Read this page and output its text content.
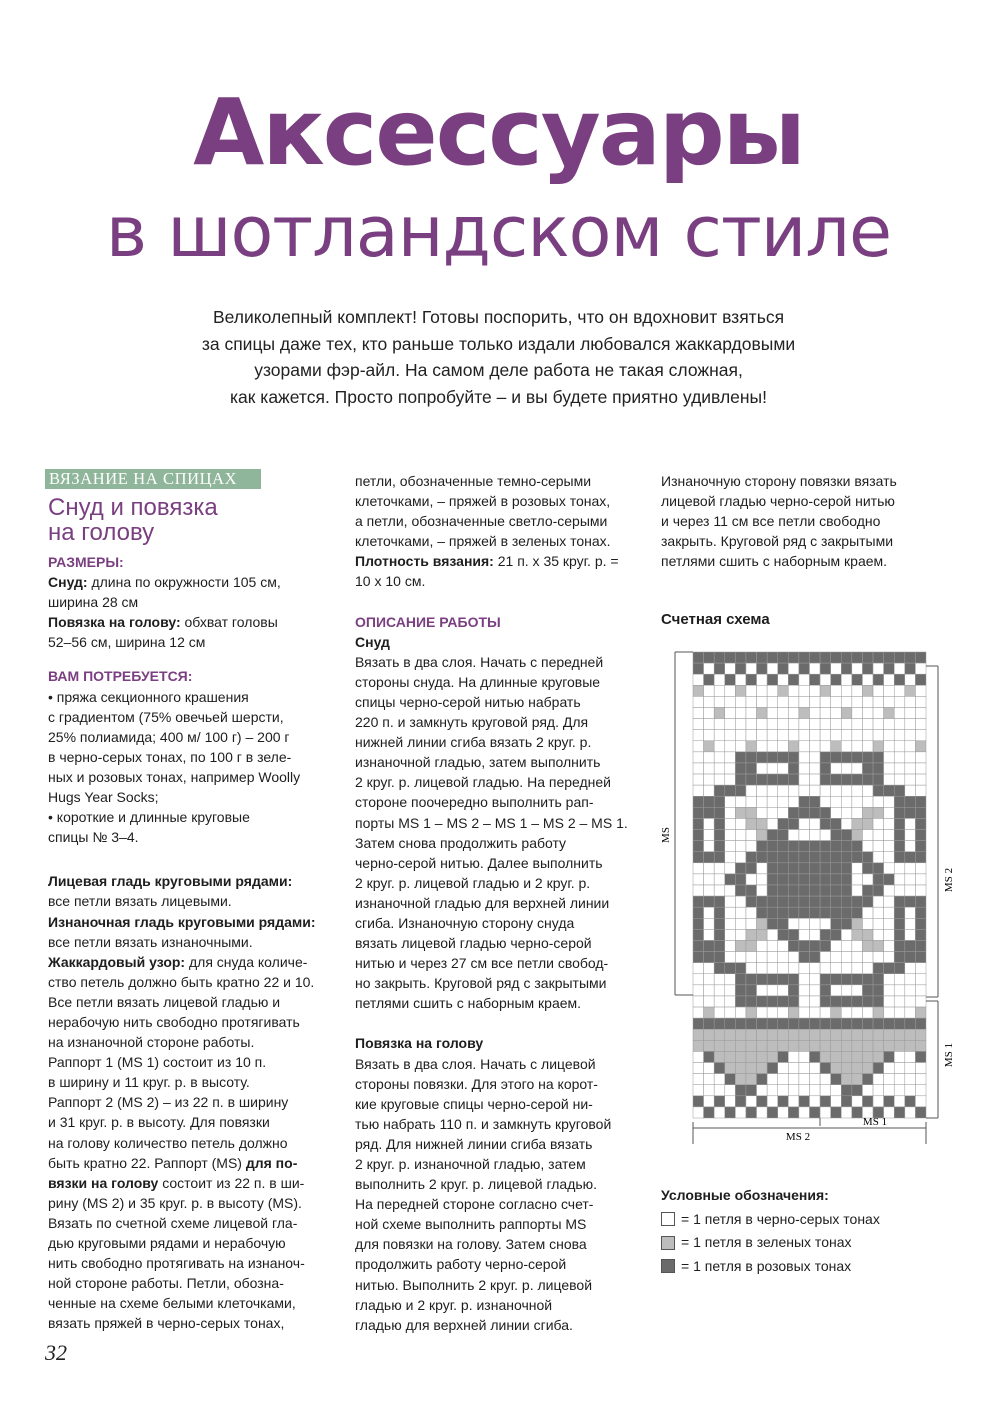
Аксессуары
в шотландском стиле
Великолепный комплект! Готовы поспорить, что он вдохновит взяться
за спицы даже тех, кто раньше только издали любовался жаккардовыми
узорами фэр-айл. На самом деле работа не такая сложная,
как кажется. Просто попробуйте – и вы будете приятно удивлены!
ВЯЗАНИЕ НА СПИЦАХ
Снуд и повязка
на голову
РАЗМЕРЫ:
Снуд: длина по окружности 105 см,
ширина 28 см
Повязка на голову: обхват головы
52–56 см, ширина 12 см
ВАМ ПОТРЕБУЕТСЯ:
• пряжа секционного крашения
с градиентом (75% овечьей шерсти,
25% полиамида; 400 м/ 100 г) – 200 г
в черно-серых тонах, по 100 г в зеле-
ных и розовых тонах, например Woolly
Hugs Year Socks;
• короткие и длинные круговые
спицы № 3–4.
Лицевая гладь круговыми рядами:
все петли вязать лицевыми.
Изнаночная гладь круговыми рядами:
все петли вязать изнаночными.
Жаккардовый узор: для снуда количе-
ство петель должно быть кратно 22 и 10.
Все петли вязать лицевой гладью и
нерабочую нить свободно протягивать
на изнаночной стороне работы.
Раппорт 1 (MS 1) состоит из 10 п.
в ширину и 11 круг. р. в высоту.
Раппорт 2 (MS 2) – из 22 п. в ширину
и 31 круг. р. в высоту. Для повязки
на голову количество петель должно
быть кратно 22. Раппорт (MS) для по-
вязки на голову состоит из 22 п. в ши-
рину (MS 2) и 35 круг. р. в высоту (MS).
Вязать по счетной схеме лицевой гла-
дью круговыми рядами и нерабочую
нить свободно протягивать на изнаноч-
ной стороне работы. Петли, обозна-
ченные на схеме белыми клеточками,
вязать пряжей в черно-серых тонах,
петли, обозначенные темно-серыми
клеточками, – пряжей в розовых тонах,
а петли, обозначенные светло-серыми
клеточками, – пряжей в зеленых тонах.
Плотность вязания: 21 п. х 35 круг. р. =
10 х 10 см.
ОПИСАНИЕ РАБОТЫ
Снуд
Вязать в два слоя. Начать с передней
стороны снуда. На длинные круговые
спицы черно-серой нитью набрать
220 п. и замкнуть круговой ряд. Для
нижней линии сгиба вязать 2 круг. р.
изнаночной гладью, затем выполнить
2 круг. р. лицевой гладью. На передней
стороне поочередно выполнить рап-
порты MS 1 – MS 2 – MS 1 – MS 2 – MS 1.
Затем снова продолжить работу
черно-серой нитью. Далее выполнить
2 круг. р. лицевой гладью и 2 круг. р.
изнаночной гладью для верхней линии
сгиба. Изнаночную сторону снуда
вязать лицевой гладью черно-серой
нитью и через 27 см все петли свобод-
но закрыть. Круговой ряд с закрытыми
петлями сшить с наборным краем.
Повязка на голову
Вязать в два слоя. Начать с лицевой
стороны повязки. Для этого на корот-
кие круговые спицы черно-серой ни-
тью набрать 110 п. и замкнуть круговой
ряд. Для нижней линии сгиба вязать
2 круг. р. изнаночной гладью, затем
выполнить 2 круг. р. лицевой гладью.
На передней стороне согласно счет-
ной схеме выполнить раппорты MS
для повязки на голову. Затем снова
продолжить работу черно-серой
нитью. Выполнить 2 круг. р. лицевой
гладью и 2 круг. р. изнаночной
гладью для верхней линии сгиба.
Изнаночную сторону повязки вязать
лицевой гладью черно-серой нитью
и через 11 см все петли свободно
закрыть. Круговой ряд с закрытыми
петлями сшить с наборным краем.
Счетная схема
MS
MS 2
MS 1
MS 1
MS 2
Условные обозначения:
= 1 петля в черно-серых тонах
= 1 петля в зеленых тонах
= 1 петля в розовых тонах
32
